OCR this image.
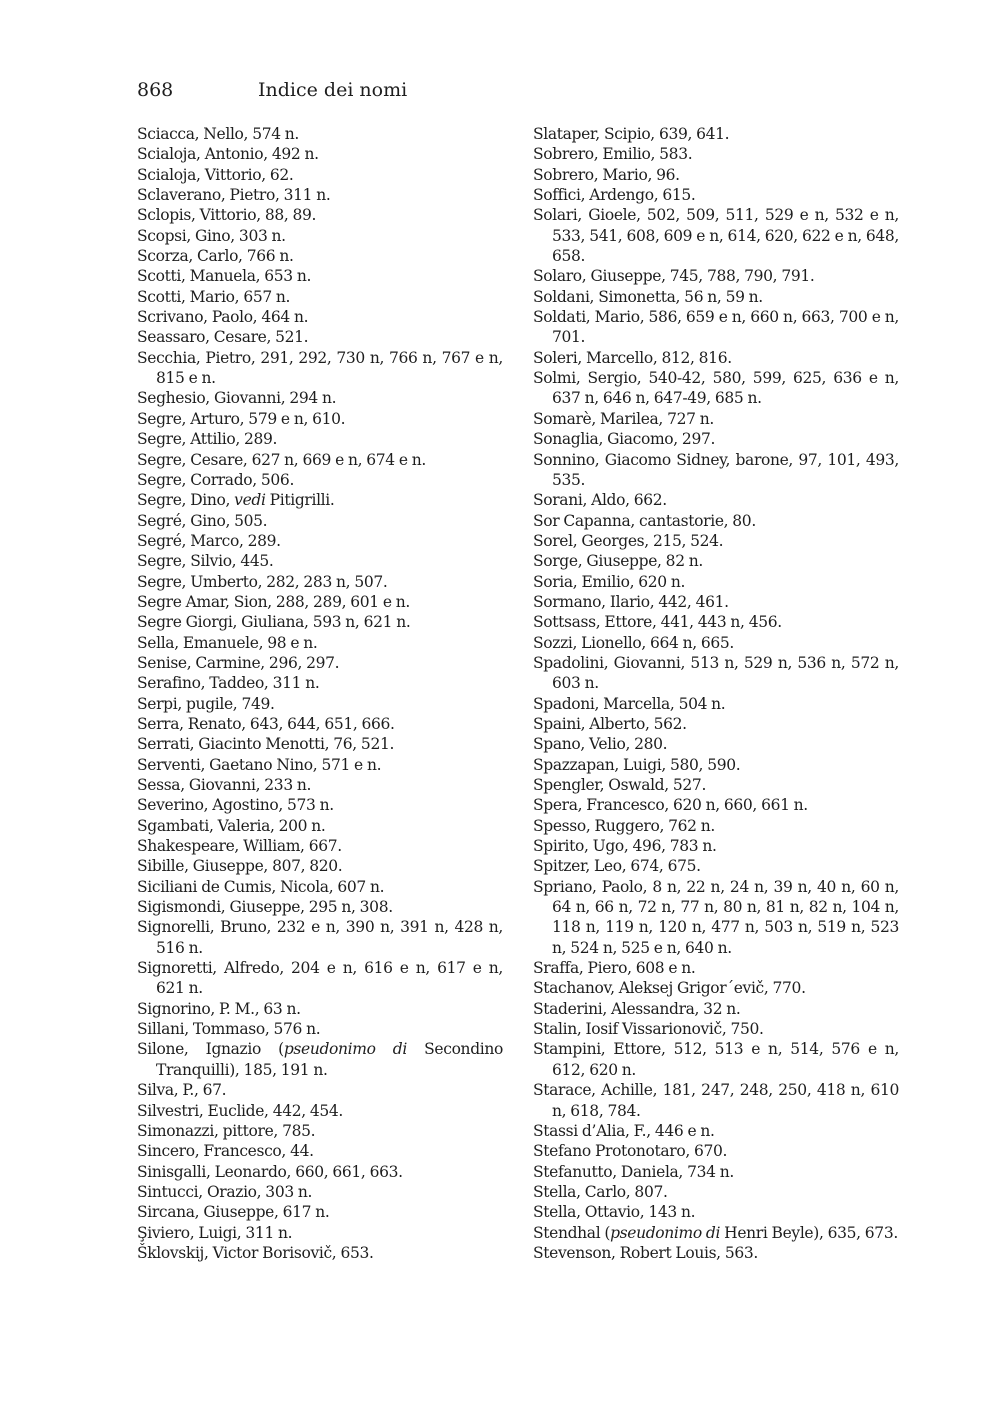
868	Indice dei nomi
Sciacca, Nello, 574 n.
Scialoja, Antonio, 492 n.
Scialoja, Vittorio, 62.
Sclaverano, Pietro, 311 n.
Sclopis, Vittorio, 88, 89.
Scopsi, Gino, 303 n.
Scorza, Carlo, 766 n.
Scotti, Manuela, 653 n.
Scotti, Mario, 657 n.
Scrivano, Paolo, 464 n.
Seassaro, Cesare, 521.
Secchia, Pietro, 291, 292, 730 n, 766 n, 767 e n, 815 e n.
Seghesio, Giovanni, 294 n.
Segre, Arturo, 579 e n, 610.
Segre, Attilio, 289.
Segre, Cesare, 627 n, 669 e n, 674 e n.
Segre, Corrado, 506.
Segre, Dino, vedi Pitigrilli.
Segré, Gino, 505.
Segré, Marco, 289.
Segre, Silvio, 445.
Segre, Umberto, 282, 283 n, 507.
Segre Amar, Sion, 288, 289, 601 e n.
Segre Giorgi, Giuliana, 593 n, 621 n.
Sella, Emanuele, 98 e n.
Senise, Carmine, 296, 297.
Serafino, Taddeo, 311 n.
Serpi, pugile, 749.
Serra, Renato, 643, 644, 651, 666.
Serrati, Giacinto Menotti, 76, 521.
Serventi, Gaetano Nino, 571 e n.
Sessa, Giovanni, 233 n.
Severino, Agostino, 573 n.
Sgambati, Valeria, 200 n.
Shakespeare, William, 667.
Sibille, Giuseppe, 807, 820.
Siciliani de Cumis, Nicola, 607 n.
Sigismondi, Giuseppe, 295 n, 308.
Signorelli, Bruno, 232 e n, 390 n, 391 n, 428 n, 516 n.
Signoretti, Alfredo, 204 e n, 616 e n, 617 e n, 621 n.
Signorino, P. M., 63 n.
Sillani, Tommaso, 576 n.
Silone, Ignazio (pseudonimo di Secondino Tranquilli), 185, 191 n.
Silva, P., 67.
Silvestri, Euclide, 442, 454.
Simonazzi, pittore, 785.
Sincero, Francesco, 44.
Sinisgalli, Leonardo, 660, 661, 663.
Sintucci, Orazio, 303 n.
Sircana, Giuseppe, 617 n.
Şiviero, Luigi, 311 n.
Šklovskij, Victor Borisovič, 653.
Slataper, Scipio, 639, 641.
Sobrero, Emilio, 583.
Sobrero, Mario, 96.
Soffici, Ardengo, 615.
Solari, Gioele, 502, 509, 511, 529 e n, 532 e n, 533, 541, 608, 609 e n, 614, 620, 622 e n, 648, 658.
Solaro, Giuseppe, 745, 788, 790, 791.
Soldani, Simonetta, 56 n, 59 n.
Soldati, Mario, 586, 659 e n, 660 n, 663, 700 e n, 701.
Soleri, Marcello, 812, 816.
Solmi, Sergio, 540-42, 580, 599, 625, 636 e n, 637 n, 646 n, 647-49, 685 n.
Somarè, Marilea, 727 n.
Sonaglia, Giacomo, 297.
Sonnino, Giacomo Sidney, barone, 97, 101, 493, 535.
Sorani, Aldo, 662.
Sor Capanna, cantastorie, 80.
Sorel, Georges, 215, 524.
Sorge, Giuseppe, 82 n.
Soria, Emilio, 620 n.
Sormano, Ilario, 442, 461.
Sottsass, Ettore, 441, 443 n, 456.
Sozzi, Lionello, 664 n, 665.
Spadolini, Giovanni, 513 n, 529 n, 536 n, 572 n, 603 n.
Spadoni, Marcella, 504 n.
Spaini, Alberto, 562.
Spano, Velio, 280.
Spazzapan, Luigi, 580, 590.
Spengler, Oswald, 527.
Spera, Francesco, 620 n, 660, 661 n.
Spesso, Ruggero, 762 n.
Spirito, Ugo, 496, 783 n.
Spitzer, Leo, 674, 675.
Spriano, Paolo, 8 n, 22 n, 24 n, 39 n, 40 n, 60 n, 64 n, 66 n, 72 n, 77 n, 80 n, 81 n, 82 n, 104 n, 118 n, 119 n, 120 n, 477 n, 503 n, 519 n, 523 n, 524 n, 525 e n, 640 n.
Sraffa, Piero, 608 e n.
Stachanov, Aleksej Grigor´evič, 770.
Staderini, Alessandra, 32 n.
Stalin, Iosif Vissarionovič, 750.
Stampini, Ettore, 512, 513 e n, 514, 576 e n, 612, 620 n.
Starace, Achille, 181, 247, 248, 250, 418 n, 610 n, 618, 784.
Stassi d’Alia, F., 446 e n.
Stefano Protonotaro, 670.
Stefanutto, Daniela, 734 n.
Stella, Carlo, 807.
Stella, Ottavio, 143 n.
Stendhal (pseudonimo di Henri Beyle), 635, 673.
Stevenson, Robert Louis, 563.
